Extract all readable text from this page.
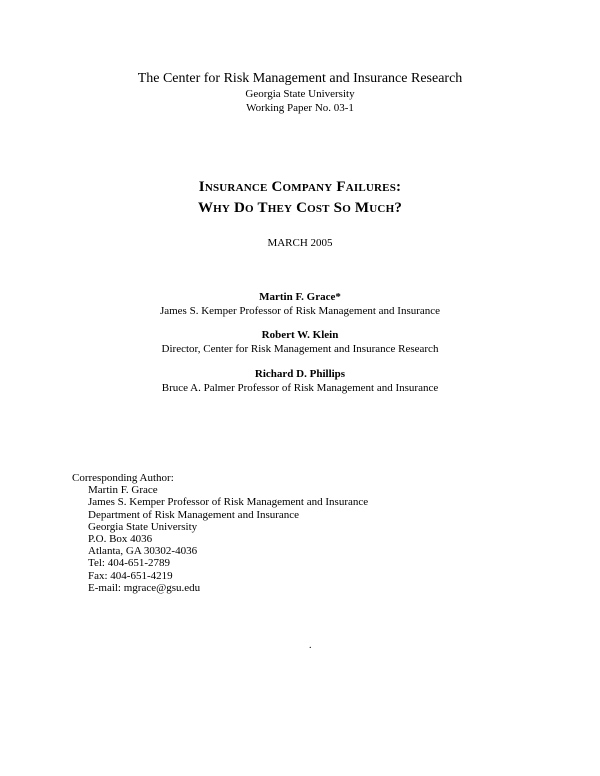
The Center for Risk Management and Insurance Research
Georgia State University
Working Paper No. 03-1
Insurance Company Failures:
Why Do They Cost So Much?
MARCH 2005
Martin F. Grace*
James S. Kemper Professor of Risk Management and Insurance
Robert W. Klein
Director, Center for Risk Management and Insurance Research
Richard D. Phillips
Bruce A. Palmer Professor of Risk Management and Insurance
Corresponding Author:
Martin F. Grace
James S. Kemper Professor of Risk Management and Insurance
Department of Risk Management and Insurance
Georgia State University
P.O. Box 4036
Atlanta, GA 30302-4036
Tel: 404-651-2789
Fax: 404-651-4219
E-mail: mgrace@gsu.edu
.
